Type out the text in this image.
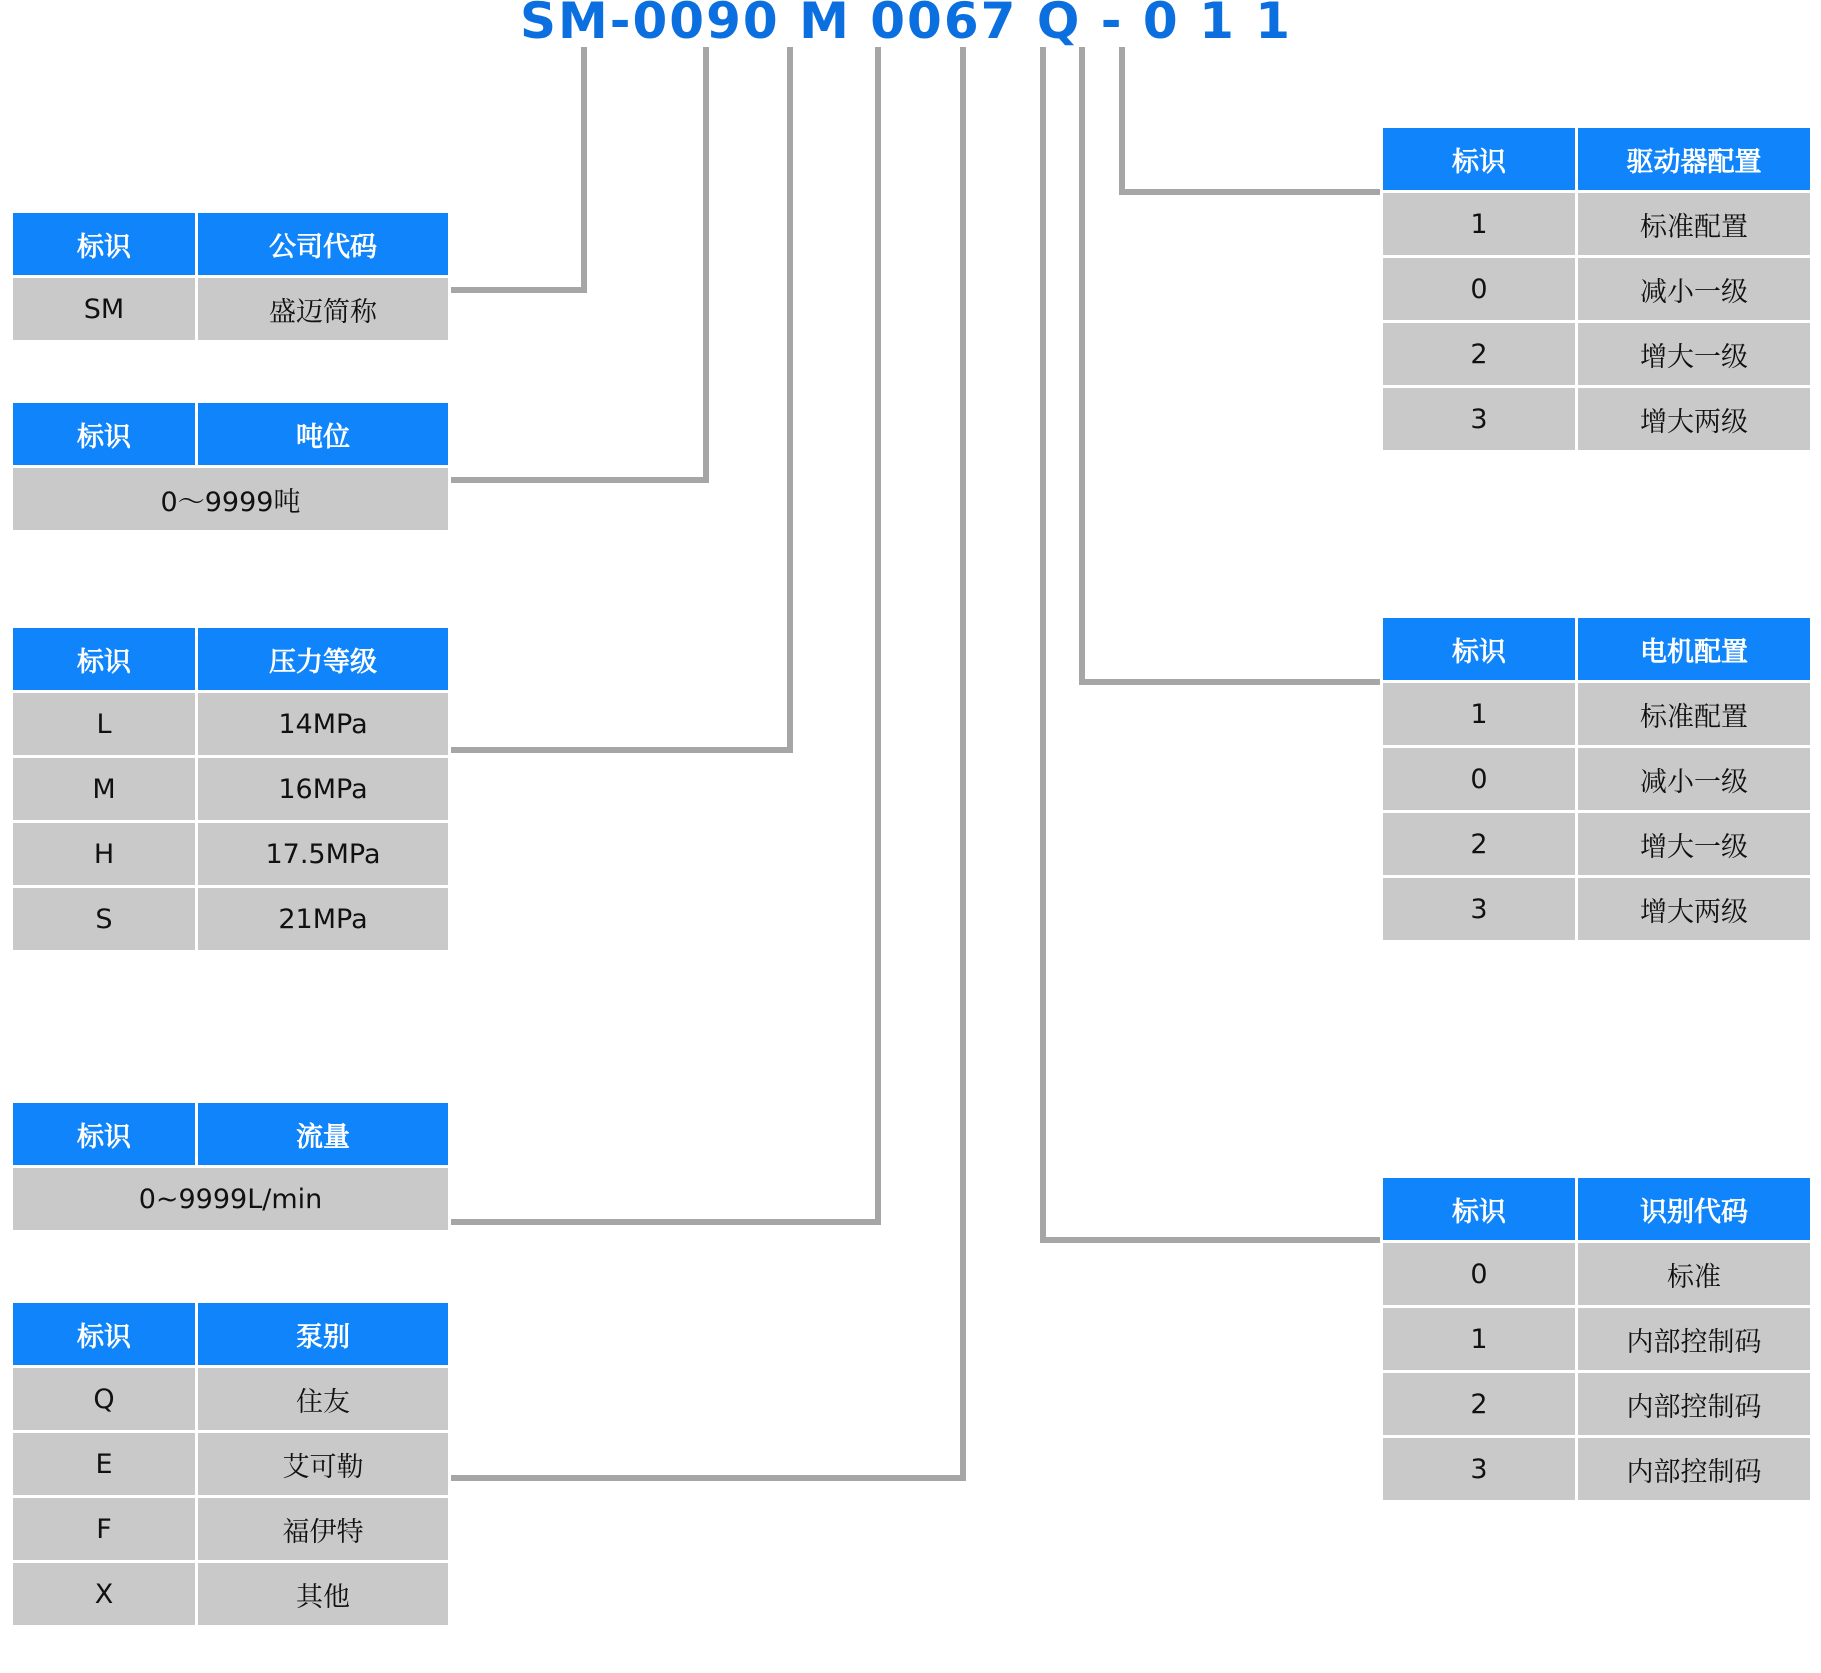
SM-0090 M 0067 Q - 0 1 1
标识	公司代码
SM	盛迈简称
标识	吨位
0〜9999吨
标识	压力等级
L	14MPa
M	16MPa
H	17.5MPa
S	21MPa
标识	流量
0~9999L/min
标识	泵别
Q	住友
E	艾可勒
F	福伊特
X	其他
标识	驱动器配置
1	标准配置
0	减小一级
2	增大一级
3	增大两级
标识	电机配置
1	标准配置
0	减小一级
2	增大一级
3	增大两级
标识	识别代码
0	标准
1	内部控制码
2	内部控制码
3	内部控制码
